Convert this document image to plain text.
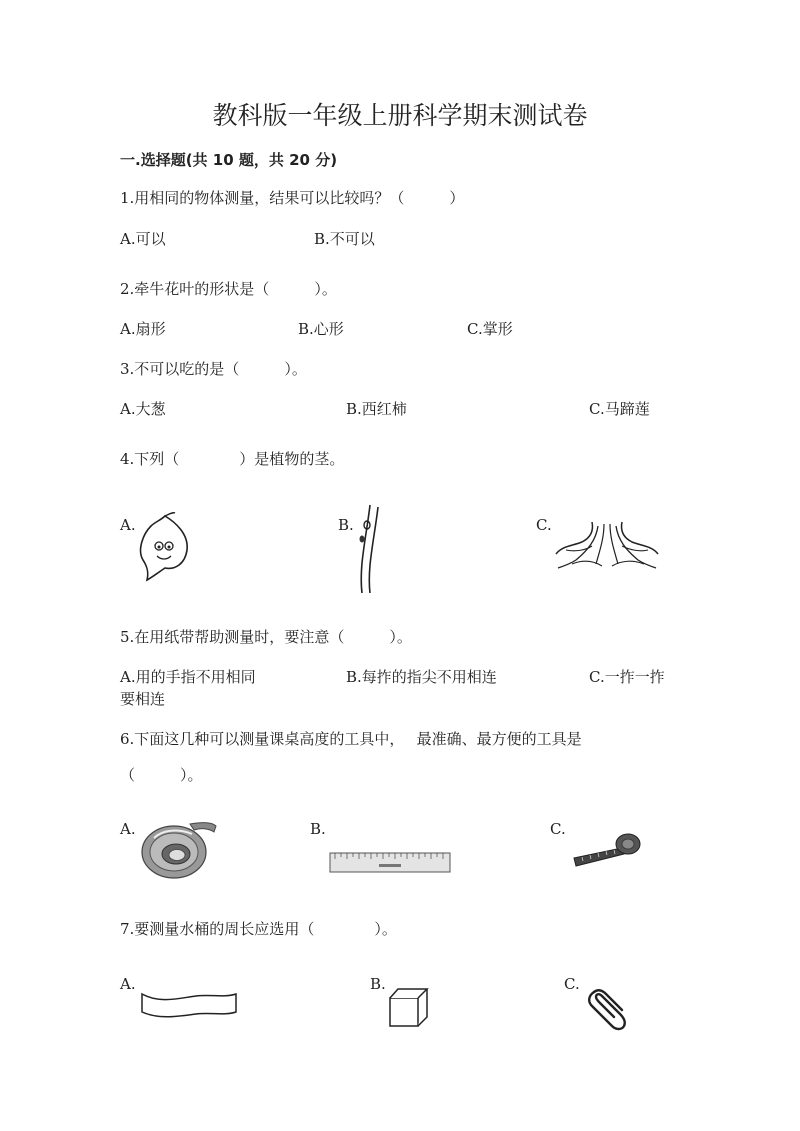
教科版一年级上册科学期末测试卷
一.选择题(共 10 题，共 20 分)
1.用相同的物体测量，结果可以比较吗？（　　　）
A.可以	B.不可以
2.牵牛花叶的形状是（　　　）。
A.扇形	B.心形	C.掌形
3.不可以吃的是（　　　）。
A.大葱	B.西红柿	C.马蹄莲
4.下列（　　　　）是植物的茎。
A.	B.	C.
5.在用纸带帮助测量时，要注意（　　　）。
A.用的手指不用相同	B.每拃的指尖不用相连	C.一拃一拃
要相连
6.下面这几种可以测量课桌高度的工具中，　 最准确、最方便的工具是
（　　　）。
A.	B.	C.
7.要测量水桶的周长应选用（　　　　）。
A.	B.	C.
